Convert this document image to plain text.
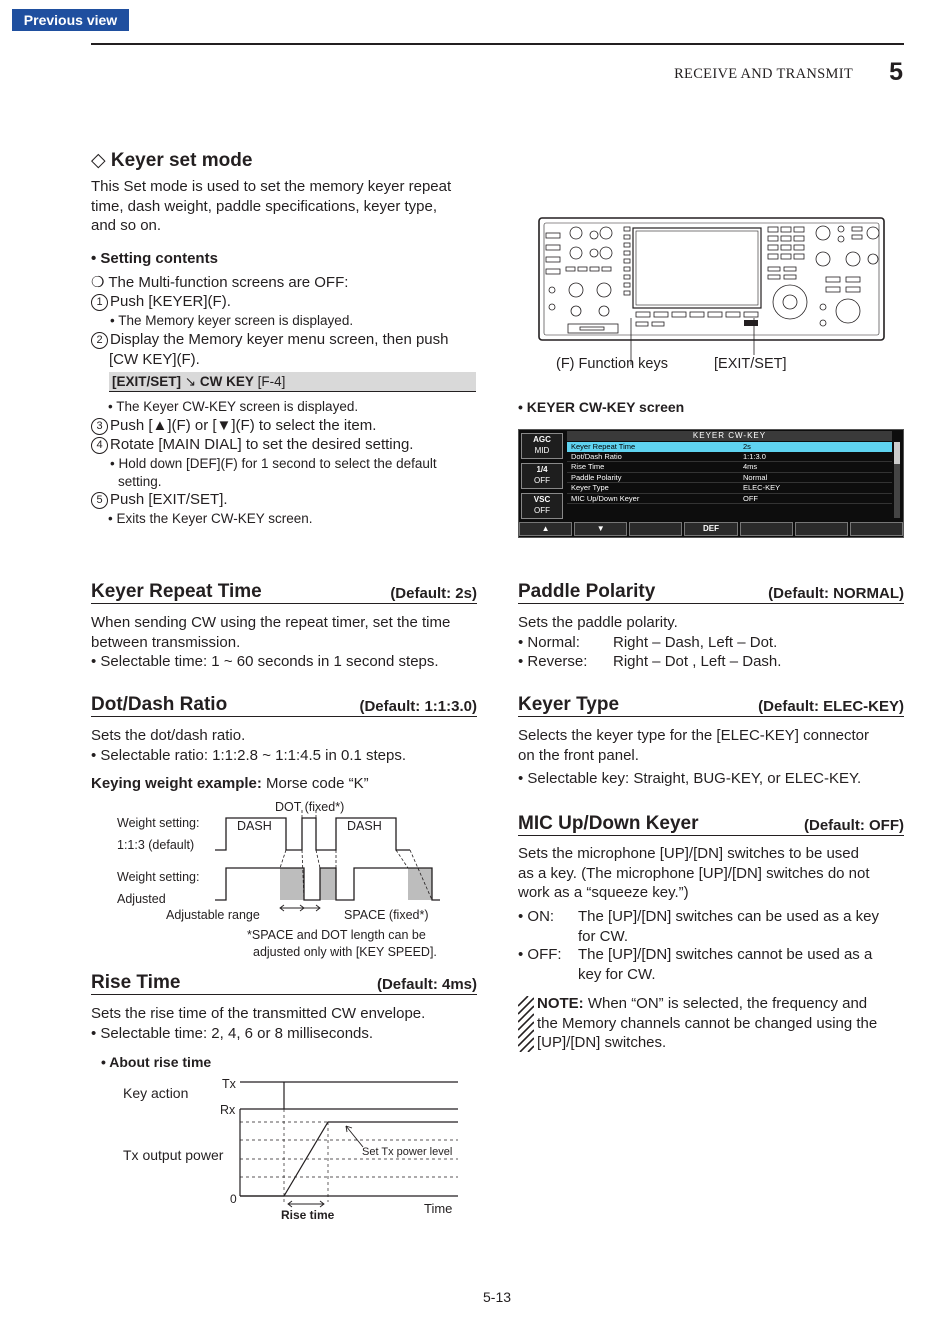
Previous view
RECEIVE AND TRANSMIT 5
◇ Keyer set mode
This Set mode is used to set the memory keyer repeat
time, dash weight, paddle specifications, keyer type,
and so on.
• Setting contents
❍ The Multi-function screens are OFF:
1 Push [KEYER](F).
• The Memory keyer screen is displayed.
2 Display the Memory keyer menu screen, then push
[CW KEY](F).
[EXIT/SET] ↘ CW KEY [F-4]
• The Keyer CW-KEY screen is displayed.
3 Push [▲](F) or [▼](F) to select the item.
4 Rotate [MAIN DIAL] to set the desired setting.
• Hold down [DEF](F) for 1 second to select the default
setting.
5 Push [EXIT/SET].
• Exits the Keyer CW-KEY screen.
(F) Function keys	[EXIT/SET]
• KEYER CW-KEY screen
AGC
MID
1/4
OFF
VSC
OFF
KEYER CW-KEY
Keyer Repeat Time	2s
Dot/Dash Ratio	1:1:3.0
Rise Time	4ms
Paddle Polarity	Normal
Keyer Type	ELEC-KEY
MIC Up/Down Keyer	OFF
▲	▼	DEF
Keyer Repeat Time	(Default: 2s)
When sending CW using the repeat timer, set the time
between transmission.
• Selectable time: 1 ~ 60 seconds in 1 second steps.
Dot/Dash Ratio	(Default: 1:1:3.0)
Sets the dot/dash ratio.
• Selectable ratio: 1:1:2.8 ~ 1:1:4.5 in 0.1 steps.
Keying weight example: Morse code “K”
DOT (fixed*)
Weight setting:
1:1:3 (default)
DASH	DASH
Weight setting:
Adjusted
Adjustable range	SPACE (fixed*)
*SPACE and DOT length can be
adjusted only with [KEY SPEED].
Rise Time	(Default: 4ms)
Sets the rise time of the transmitted CW envelope.
• Selectable time: 2, 4, 6 or 8 milliseconds.
• About rise time
Key action
Tx
Rx
Tx output power	Set Tx power level
0
Rise time	Time
Paddle Polarity	(Default: NORMAL)
Sets the paddle polarity.
• Normal:	Right – Dash, Left – Dot.
• Reverse:	Right – Dot , Left – Dash.
Keyer Type	(Default: ELEC-KEY)
Selects the keyer type for the [ELEC-KEY] connector
on the front panel.
• Selectable key: Straight, BUG-KEY, or ELEC-KEY.
MIC Up/Down Keyer	(Default: OFF)
Sets the microphone [UP]/[DN] switches to be used
as a key. (The microphone [UP]/[DN] switches do not
work as a “squeeze key.”)
• ON:	The [UP]/[DN] switches can be used as a key
for CW.
• OFF:	The [UP]/[DN] switches cannot be used as a
key for CW.
NOTE: When “ON” is selected, the frequency and
the Memory channels cannot be changed using the
[UP]/[DN] switches.
5-13
